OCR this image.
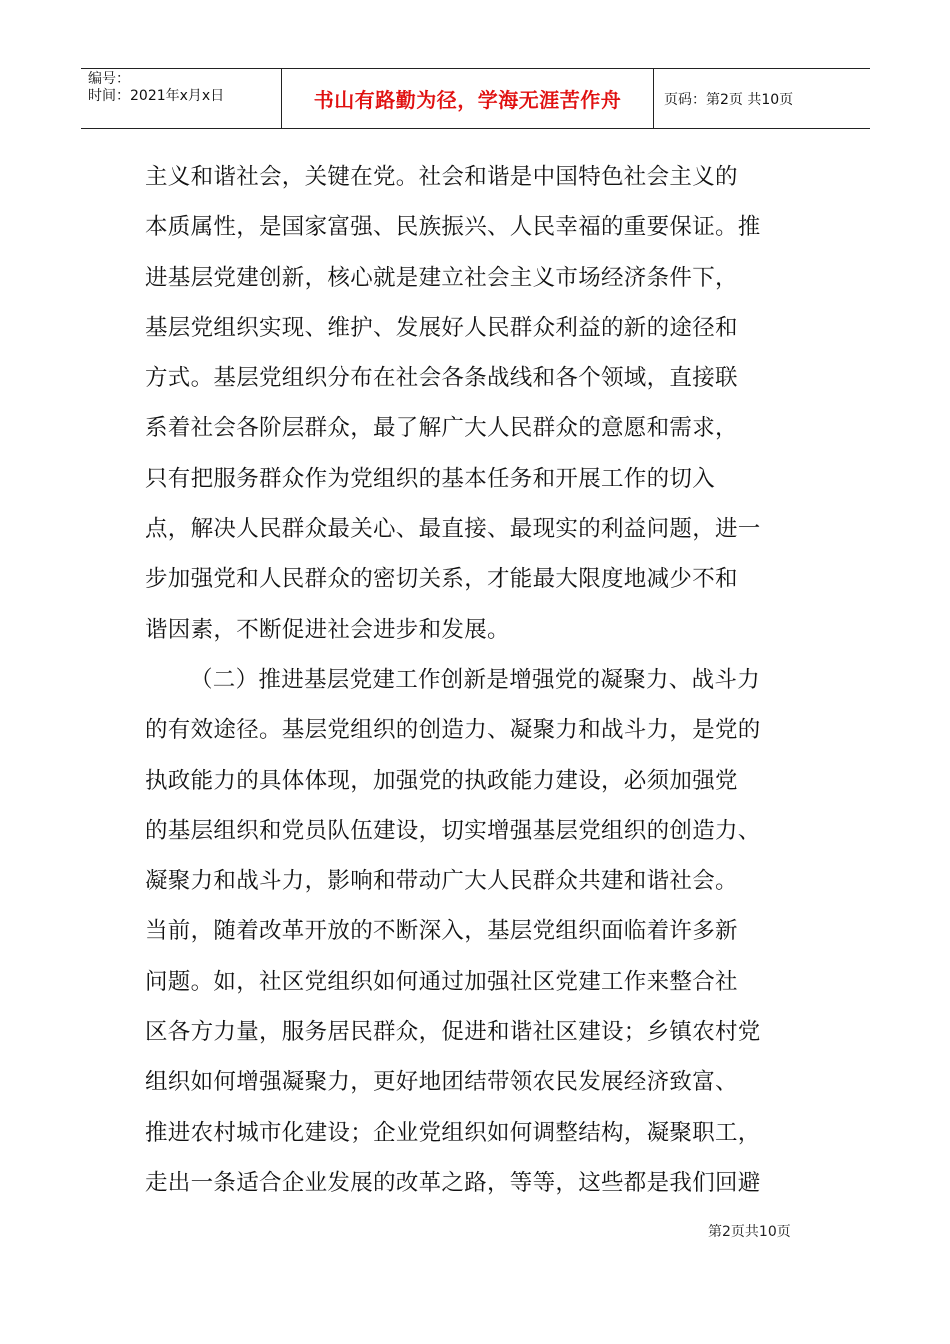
编号：
时间：2021年x月x日	书山有路勤为径，学海无涯苦作舟	页码：第2页 共10页
主义和谐社会，关键在党。社会和谐是中国特色社会主义的
本质属性，是国家富强、民族振兴、人民幸福的重要保证。推
进基层党建创新，核心就是建立社会主义市场经济条件下，
基层党组织实现、维护、发展好人民群众利益的新的途径和
方式。基层党组织分布在社会各条战线和各个领域，直接联
系着社会各阶层群众，最了解广大人民群众的意愿和需求，
只有把服务群众作为党组织的基本任务和开展工作的切入
点，解决人民群众最关心、最直接、最现实的利益问题，进一
步加强党和人民群众的密切关系，才能最大限度地减少不和
谐因素，不断促进社会进步和发展。
（二）推进基层党建工作创新是增强党的凝聚力、战斗力
的有效途径。基层党组织的创造力、凝聚力和战斗力，是党的
执政能力的具体体现，加强党的执政能力建设，必须加强党
的基层组织和党员队伍建设，切实增强基层党组织的创造力、
凝聚力和战斗力，影响和带动广大人民群众共建和谐社会。
当前，随着改革开放的不断深入，基层党组织面临着许多新
问题。如，社区党组织如何通过加强社区党建工作来整合社
区各方力量，服务居民群众，促进和谐社区建设；乡镇农村党
组织如何增强凝聚力，更好地团结带领农民发展经济致富、
推进农村城市化建设；企业党组织如何调整结构，凝聚职工，
走出一条适合企业发展的改革之路，等等，这些都是我们回避
第2页共10页
